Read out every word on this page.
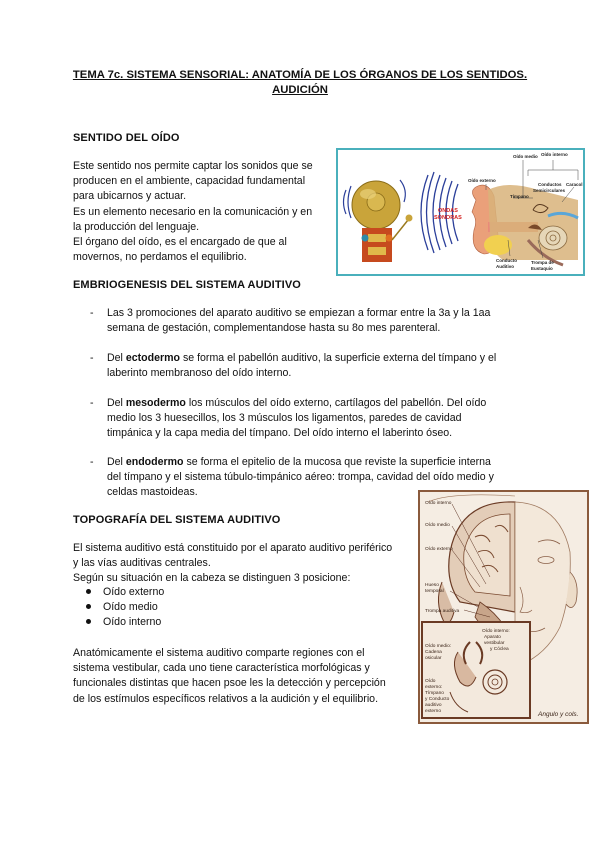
TEMA 7c. SISTEMA SENSORIAL: ANATOMÍA DE LOS ÓRGANOS DE LOS SENTIDOS.
AUDICIÓN
SENTIDO DEL OÍDO
Este sentido nos permite captar los sonidos que se
producen en el ambiente, capacidad fundamental
para ubicarnos y actuar.
Es un elemento necesario en la comunicación y en
la producción del lenguaje.
El órgano del oído, es el encargado de que al
movernos, no perdamos el equilibrio.
ONDAS
SONORAS
Oído externo
Oído medio Oído interno
Tímpano
Conductos
Semicirculares
Caracol
Conducto
Auditivo
Trompa de
Eustaquio
EMBRIOGENESIS DEL SISTEMA AUDITIVO
- Las 3 promociones del aparato auditivo se empiezan a formar entre la 3a y la 1aa
semana de gestación, complementandose hasta su 8o mes parenteral.
- Del ectodermo se forma el pabellón auditivo, la superficie externa del tímpano y el
laberinto membranoso del oído interno.
- Del mesodermo los músculos del oído externo, cartílagos del pabellón. Del oído
medio los 3 huesecillos, los 3 músculos los ligamentos, paredes de cavidad
timpánica y la capa media del tímpano. Del oído interno el laberinto óseo.
- Del endodermo se forma el epitelio de la mucosa que reviste la superficie interna
del tímpano y el sistema túbulo-timpánico aéreo: trompa, cavidad del oído medio y
celdas mastoideas.
TOPOGRAFÍA DEL SISTEMA AUDITIVO
El sistema auditivo está constituido por el aparato auditivo periférico
y las vías auditivas centrales.
Según su situación en la cabeza se distinguen 3 posicione:
Oído externo
Oído medio
Oído interno
Anatómicamente el sistema auditivo comparte regiones con el
sistema vestibular, cada uno tiene característica morfológicas y
funcionales distintas que hacen psoe les la detección y percepción
de los estímulos específicos relativos a la audición y el equilibrio.
Oído interno
Oído medio
Oído externo
Hueso
temporal
Trompa auditiva
Oído interno:
Aparato
vestibular
y Cóclea
Oído medio:
Cadena
osicular
Oído
externo:
Tímpano
y Conducto
auditivo
externo	Angulo y cols.
